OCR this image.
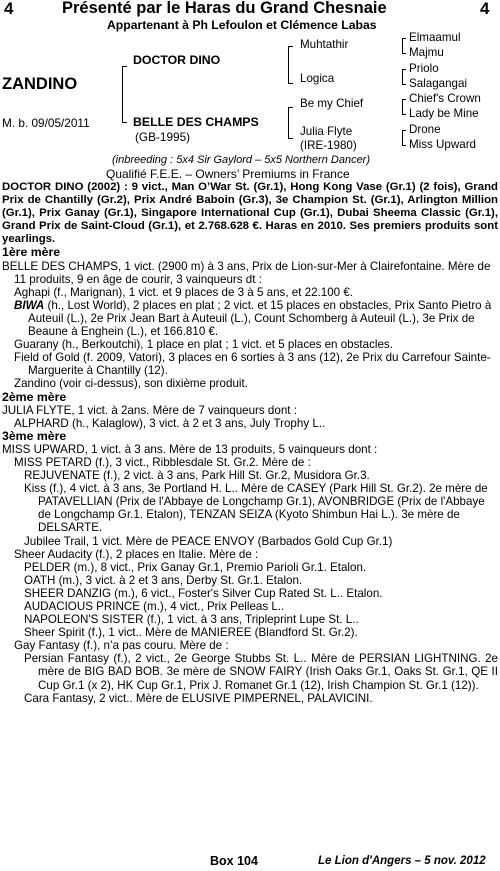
4	Présenté par le Haras du Grand Chesnaie	4
Appartenant à Ph Lefoulon et Clémence Labas
ZANDINO
M. b. 09/05/2011
DOCTOR DINO
BELLE DES CHAMPS
(GB-1995)
Muhtathir
Logica
Be my Chief
Julia Flyte
(IRE-1980)
Elmaamul
Majmu
Priolo
Salagangai
Chief's Crown
Lady be Mine
Drone
Miss Upward
(inbreeding : 5x4 Sir Gaylord – 5x5 Northern Dancer)
Qualifié F.E.E. – Owners’ Premiums in France

DOCTOR DINO (2002) : 9 vict., Man O’War St. (Gr.1), Hong Kong Vase (Gr.1) (2 fois), Grand Prix de Chantilly (Gr.2), Prix André Baboin (Gr.3), 3e Champion St. (Gr.1), Arlington Million (Gr.1), Prix Ganay (Gr.1), Singapore International Cup (Gr.1), Dubai Sheema Classic (Gr.1), Grand Prix de Saint-Cloud (Gr.1), et 2.768.628 €. Haras en 2010. Ses premiers produits sont yearlings.

1ère mère

BELLE DES CHAMPS, 1 vict. (2900 m) à 3 ans, Prix de Lion-sur-Mer à Clairefontaine. Mère de 11 produits, 9 en âge de courir, 3 vainqueurs dt :

Aghapi (f., Marignan), 1 vict. et 9 places de 3 à 5 ans, et 22.100 €.

BIWA (h., Lost World), 2 places en plat ; 2 vict. et 15 places en obstacles, Prix Santo Pietro à Auteuil (L.), 2e Prix Jean Bart à Auteuil (L.), Count Schomberg à Auteuil (L.), 3e Prix de Beaune à Enghein (L.), et 166.810 €.

Guarany (h., Berkoutchi), 1 place en plat ; 1 vict. et 5 places en obstacles.

Field of Gold (f. 2009, Vatori), 3 places en 6 sorties à 3 ans (12), 2e Prix du Carrefour Sainte-Marguerite à Chantilly (12).

Zandino (voir ci-dessus), son dixième produit.

2ème mère

JULIA FLYTE, 1 vict. à 2ans. Mère de 7 vainqueurs dont :

ALPHARD (h., Kalaglow), 3 vict. à 2 et 3 ans, July Trophy L..

3ème mère

MISS UPWARD, 1 vict. à 3 ans. Mère de 13 produits, 5 vainqueurs dont :

MISS PETARD (f.), 3 vict., Ribblesdale St. Gr.2. Mère de :

REJUVENATE (f.), 2 vict. à 3 ans, Park Hill St. Gr.2, Musidora Gr.3.

Kiss (f.), 4 vict. à 3 ans, 3e Portland H. L.. Mère de CASEY (Park Hill St. Gr.2). 2e mère de PATAVELLIAN (Prix de l'Abbaye de Longchamp Gr.1), AVONBRIDGE (Prix de l'Abbaye de Longchamp Gr.1. Etalon), TENZAN SEIZA (Kyoto Shimbun Hai L.). 3e mère de DELSARTE.

Jubilee Trail, 1 vict. Mère de PEACE ENVOY (Barbados Gold Cup Gr.1)

Sheer Audacity (f.), 2 places en Italie. Mère de :

PELDER (m.), 8 vict., Prix Ganay Gr.1, Premio Parioli Gr.1. Etalon.

OATH (m.), 3 vict. à 2 et 3 ans, Derby St. Gr.1. Etalon.

SHEER DANZIG (m.), 6 vict., Foster's Silver Cup Rated St. L.. Etalon.

AUDACIOUS PRINCE (m.), 4 vict., Prix Pelleas L..

NAPOLEON'S SISTER (f.), 1 vict. à 3 ans, Tripleprint Lupe St. L..

Sheer Spirit (f.), 1 vict.. Mère de MANIEREE (Blandford St. Gr.2).

Gay Fantasy (f.), n’a pas couru. Mère de :

Persian Fantasy (f.), 2 vict., 2e George Stubbs St. L.. Mère de PERSIAN LIGHTNING. 2e mère de BIG BAD BOB. 3e mère de SNOW FAIRY (Irish Oaks Gr.1, Oaks St. Gr.1, QE II Cup Gr.1 (x 2), HK Cup Gr.1, Prix J. Romanet Gr.1 (12), Irish Champion St. Gr.1 (12)).

Cara Fantasy, 2 vict.. Mère de ELUSIVE PIMPERNEL, PALAVICINI.

Box 104	Le Lion d'Angers – 5 nov. 2012
